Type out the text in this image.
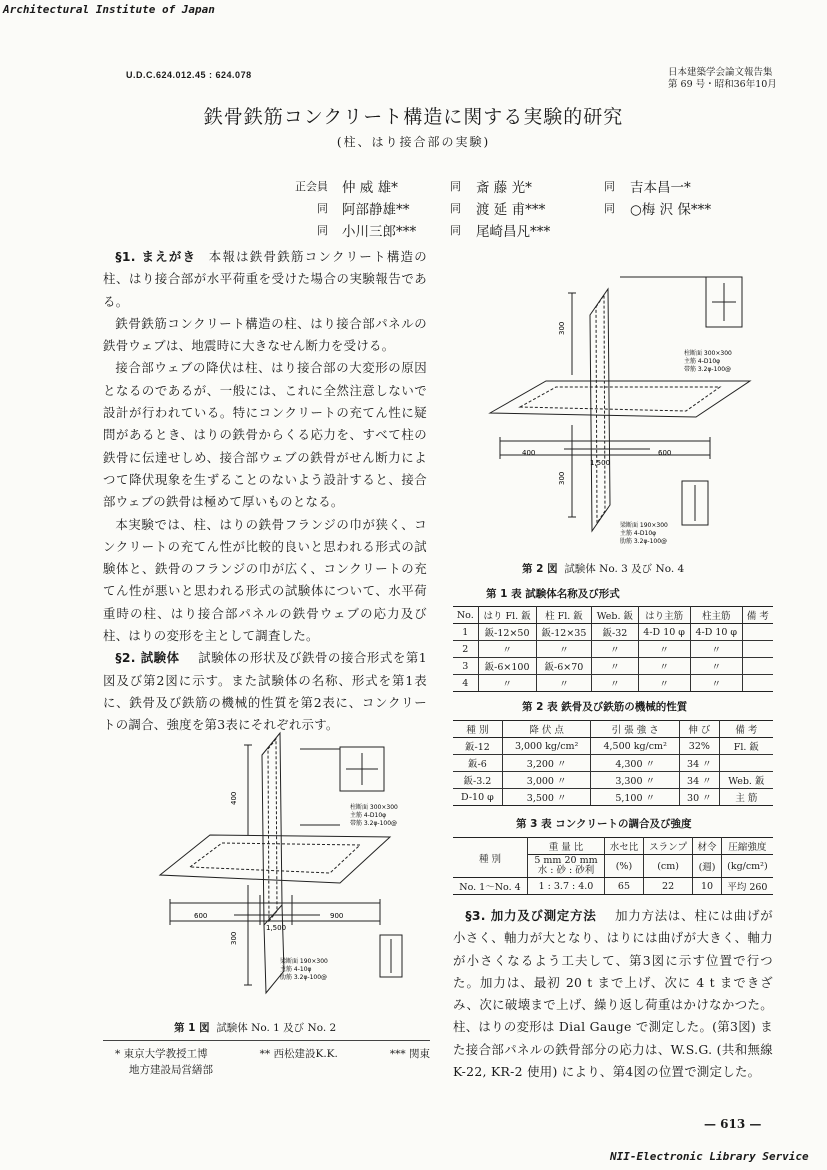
Architectural Institute of Japan
U.D.C.624.012.45 : 624.078	日本建築学会論文報告集
第 69 号・昭和36年10月
鉄骨鉄筋コンクリート構造に関する実験的研究
(柱、はり接合部の実験)
正会員	仲 威 雄*	同	斎 藤 光*	同	吉本昌一*
同	阿部静雄**	同	渡 延 甫***	同	○梅 沢 保***
同	小川三郎***	同	尾崎昌凡***

§1. まえがき 本報は鉄骨鉄筋コンクリート構造の柱、はり接合部が水平荷重を受けた場合の実験報告である。

鉄骨鉄筋コンクリート構造の柱、はり接合部パネルの鉄骨ウェブは、地震時に大きなせん断力を受ける。

接合部ウェブの降伏は柱、はり接合部の大変形の原因となるのであるが、一般には、これに全然注意しないで設計が行われている。特にコンクリートの充てん性に疑問があるとき、はりの鉄骨からくる応力を、すべて柱の鉄骨に伝達せしめ、接合部ウェブの鉄骨がせん断力によつて降伏現象を生ずることのないよう設計すると、接合部ウェブの鉄骨は極めて厚いものとなる。

本実験では、柱、はりの鉄骨フランジの巾が狭く、コンクリートの充てん性が比較的良いと思われる形式の試験体と、鉄骨のフランジの巾が広く、コンクリートの充てん性が悪いと思われる形式の試験体について、水平荷重時の柱、はり接合部パネルの鉄骨ウェブの応力及び柱、はりの変形を主として調査した。

§2. 試験体 試験体の形状及び鉄骨の接合形式を第1図及び第2図に示す。また試験体の名称、形式を第1表に、鉄骨及び鉄筋の機械的性質を第2表に、コンクリートの調合、強度を第3表にそれぞれ示す。

600	900
1,500
400
300
柱断面 300×300
主筋 4-D10φ
帯筋 3.2φ-100@
梁断面 190×300
主筋 4-10φ
肋筋 3.2φ-100@
第 1 図 試験体 No. 1 及び No. 2
* 東京大学教授工博	** 西松建設K.K.	*** 関東
地方建設局営繕部
400	600
1,500
300
300
柱断面 300×300
主筋 4-D10φ
帯筋 3.2φ-100@
梁断面 190×300
主筋 4-D10φ
肋筋 3.2φ-100@
第 2 図 試験体 No. 3 及び No. 4
第 1 表 試験体名称及び形式
No.	はり Fl. 鈑	柱 Fl. 鈑	Web. 鈑	はり主筋	柱主筋	備 考
1	鈑-12×50	鈑-12×35	鈑-32	4-D 10 φ	4-D 10 φ	
2	〃	〃	〃	〃	〃	
3	鈑-6×100	鈑-6×70	〃	〃	〃	
4	〃	〃	〃	〃	〃	
第 2 表 鉄骨及び鉄筋の機械的性質
種 別	降 伏 点	引 張 強 さ	伸 び	備 考
鈑-12	3,000 kg/cm²	4,500 kg/cm²	32%	Fl. 鈑
鈑-6	3,200 〃	4,300 〃	34 〃	
鈑-3.2	3,000 〃	3,300 〃	34 〃	Web. 鈑
D-10 φ	3,500 〃	5,100 〃	30 〃	主 筋
第 3 表 コンクリートの調合及び強度
種 別	重 量 比	水セ比	スランプ	材令	圧縮強度

	5 mm 20 mm
水 : 砂 : 砂利	(%)	(cm)	(週)	(kg/cm²)
No. 1〜No. 4	1 : 3.7 : 4.0	65	22	10	平均 260

§3. 加力及び測定方法 加力方法は、柱には曲げが小さく、軸力が大となり、はりには曲げが大きく、軸力が小さくなるよう工夫して、第3図に示す位置で行つた。加力は、最初 20 t まで上げ、次に 4 t まできざみ、次に破壊まで上げ、繰り返し荷重はかけなかつた。柱、はりの変形は Dial Gauge で測定した。(第3図) また接合部パネルの鉄骨部分の応力は、W.S.G. (共和無線 K-22, KR-2 使用) により、第4図の位置で測定した。

— 613 —
NII-Electronic Library Service
